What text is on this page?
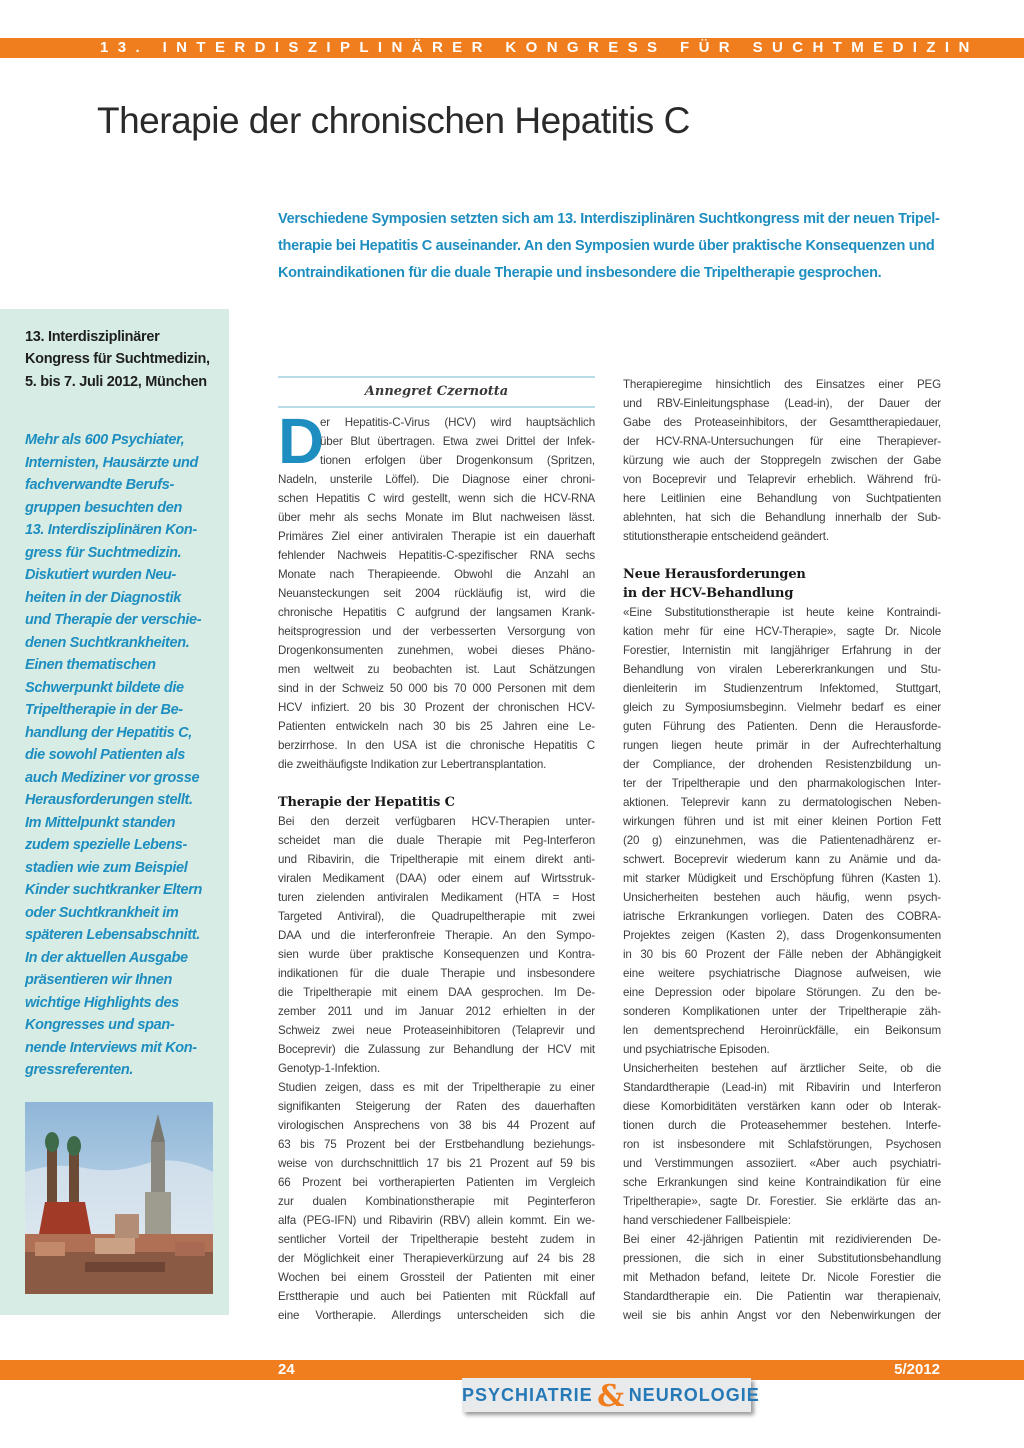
13. INTERDISZIPLINÄRER KONGRESS FÜR SUCHTMEDIZIN
Therapie der chronischen Hepatitis C
Verschiedene Symposien setzten sich am 13. Interdisziplinären Suchtkongress mit der neuen Tripel-
therapie bei Hepatitis C auseinander. An den Symposien wurde über praktische Konsequenzen und
Kontraindikationen für die duale Therapie und insbesondere die Tripeltherapie gesprochen.
13. Interdisziplinärer
Kongress für Suchtmedizin,
5. bis 7. Juli 2012, München
Mehr als 600 Psychiater,
Internisten, Hausärzte und
fachverwandte Berufs-
gruppen besuchten den
13. Interdisziplinären Kon-
gress für Suchtmedizin.
Diskutiert wurden Neu-
heiten in der Diagnostik
und Therapie der verschie-
denen Suchtkrankheiten.
Einen thematischen
Schwerpunkt bildete die
Tripeltherapie in der Be-
handlung der Hepatitis C,
die sowohl Patienten als
auch Mediziner vor grosse
Herausforderungen stellt.
Im Mittelpunkt standen
zudem spezielle Lebens-
stadien wie zum Beispiel
Kinder suchtkranker Eltern
oder Suchtkrankheit im
späteren Lebensabschnitt.
In der aktuellen Ausgabe
präsentieren wir Ihnen
wichtige Highlights des
Kongresses und span-
nende Interviews mit Kon-
gressreferenten.
Annegret Czernotta
D
er Hepatitis-C-Virus (HCV) wird hauptsächlich
über Blut übertragen. Etwa zwei Drittel der Infek-
tionen erfolgen über Drogenkonsum (Spritzen,
Nadeln, unsterile Löffel). Die Diagnose einer chroni-
schen Hepatitis C wird gestellt, wenn sich die HCV-RNA
über mehr als sechs Monate im Blut nachweisen lässt.
Primäres Ziel einer antiviralen Therapie ist ein dauerhaft
fehlender Nachweis Hepatitis-C-spezifischer RNA sechs
Monate nach Therapieende. Obwohl die Anzahl an
Neuansteckungen seit 2004 rückläufig ist, wird die
chronische Hepatitis C aufgrund der langsamen Krank-
heitsprogression und der verbesserten Versorgung von
Drogenkonsumenten zunehmen, wobei dieses Phäno-
men weltweit zu beobachten ist. Laut Schätzungen
sind in der Schweiz 50 000 bis 70 000 Personen mit dem
HCV infiziert. 20 bis 30 Prozent der chronischen HCV-
Patienten entwickeln nach 30 bis 25 Jahren eine Le-
berzirrhose. In den USA ist die chronische Hepatitis C
die zweithäufigste Indikation zur Lebertransplantation.
Therapie der Hepatitis C
Bei den derzeit verfügbaren HCV-Therapien unter-
scheidet man die duale Therapie mit Peg-Interferon
und Ribavirin, die Tripeltherapie mit einem direkt anti-
viralen Medikament (DAA) oder einem auf Wirtsstruk-
turen zielenden antiviralen Medikament (HTA = Host
Targeted Antiviral), die Quadrupeltherapie mit zwei
DAA und die interferonfreie Therapie. An den Sympo-
sien wurde über praktische Konsequenzen und Kontra-
indikationen für die duale Therapie und insbesondere
die Tripeltherapie mit einem DAA gesprochen. Im De-
zember 2011 und im Januar 2012 erhielten in der
Schweiz zwei neue Proteaseinhibitoren (Telaprevir und
Boceprevir) die Zulassung zur Behandlung der HCV mit
Genotyp-1-Infektion.
Studien zeigen, dass es mit der Tripeltherapie zu einer
signifikanten Steigerung der Raten des dauerhaften
virologischen Ansprechens von 38 bis 44 Prozent auf
63 bis 75 Prozent bei der Erstbehandlung beziehungs-
weise von durchschnittlich 17 bis 21 Prozent auf 59 bis
66 Prozent bei vortherapierten Patienten im Vergleich
zur dualen Kombinationstherapie mit Peginterferon
alfa (PEG-IFN) und Ribavirin (RBV) allein kommt. Ein we-
sentlicher Vorteil der Tripeltherapie besteht zudem in
der Möglichkeit einer Therapieverkürzung auf 24 bis 28
Wochen bei einem Grossteil der Patienten mit einer
Ersttherapie und auch bei Patienten mit Rückfall auf
eine Vortherapie. Allerdings unterscheiden sich die
Therapieregime hinsichtlich des Einsatzes einer PEG
und RBV-Einleitungsphase (Lead-in), der Dauer der
Gabe des Proteaseinhibitors, der Gesamttherapiedauer,
der HCV-RNA-Untersuchungen für eine Therapiever-
kürzung wie auch der Stoppregeln zwischen der Gabe
von Boceprevir und Telaprevir erheblich. Während frü-
here Leitlinien eine Behandlung von Suchtpatienten
ablehnten, hat sich die Behandlung innerhalb der Sub-
stitutionstherapie entscheidend geändert.
Neue Herausforderungen
in der HCV-Behandlung
«Eine Substitutionstherapie ist heute keine Kontraindi-
kation mehr für eine HCV-Therapie», sagte Dr. Nicole
Forestier, Internistin mit langjähriger Erfahrung in der
Behandlung von viralen Lebererkrankungen und Stu-
dienleiterin im Studienzentrum Infektomed, Stuttgart,
gleich zu Symposiumsbeginn. Vielmehr bedarf es einer
guten Führung des Patienten. Denn die Herausforde-
rungen liegen heute primär in der Aufrechterhaltung
der Compliance, der drohenden Resistenzbildung un-
ter der Tripeltherapie und den pharmakologischen Inter-
aktionen. Teleprevir kann zu dermatologischen Neben-
wirkungen führen und ist mit einer kleinen Portion Fett
(20 g) einzunehmen, was die Patientenadhärenz er-
schwert. Boceprevir wiederum kann zu Anämie und da-
mit starker Müdigkeit und Erschöpfung führen (Kasten 1).
Unsicherheiten bestehen auch häufig, wenn psych-
iatrische Erkrankungen vorliegen. Daten des COBRA-
Projektes zeigen (Kasten 2), dass Drogenkonsumenten
in 30 bis 60 Prozent der Fälle neben der Abhängigkeit
eine weitere psychiatrische Diagnose aufweisen, wie
eine Depression oder bipolare Störungen. Zu den be-
sonderen Komplikationen unter der Tripeltherapie zäh-
len dementsprechend Heroinrückfälle, ein Beikonsum
und psychiatrische Episoden.
Unsicherheiten bestehen auf ärztlicher Seite, ob die
Standardtherapie (Lead-in) mit Ribavirin und Interferon
diese Komorbiditäten verstärken kann oder ob Interak-
tionen durch die Proteasehemmer bestehen. Interfe-
ron ist insbesondere mit Schlafstörungen, Psychosen
und Verstimmungen assoziiert. «Aber auch psychiatri-
sche Erkrankungen sind keine Kontraindikation für eine
Tripeltherapie», sagte Dr. Forestier. Sie erklärte das an-
hand verschiedener Fallbeispiele:
Bei einer 42-jährigen Patientin mit rezidivierenden De-
pressionen, die sich in einer Substitutionsbehandlung
mit Methadon befand, leitete Dr. Nicole Forestier die
Standardtherapie ein. Die Patientin war therapienaiv,
weil sie bis anhin Angst vor den Nebenwirkungen der
24	5/2012
PSYCHIATRIE & NEUROLOGIE
